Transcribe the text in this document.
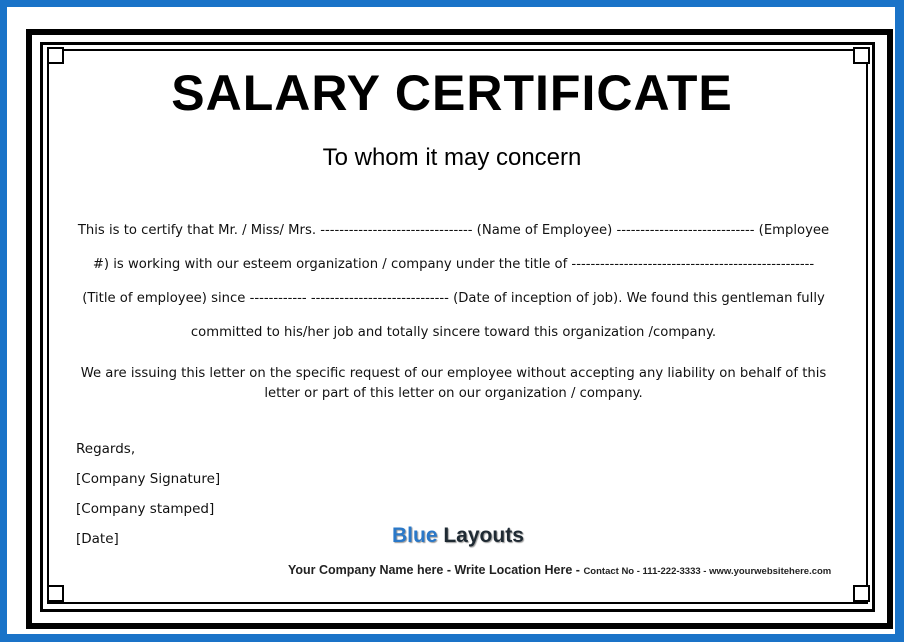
SALARY CERTIFICATE
To whom it may concern
This is to certify that Mr. / Miss/ Mrs. -------------------------------- (Name of Employee) ----------------------------- (Employee #) is working with our esteem organization / company under the title of --------------------------------------------------- (Title of employee) since ------------ ----------------------------- (Date of inception of job). We found this gentleman fully committed to his/her job and totally sincere toward this organization /company.
We are issuing this letter on the specific request of our employee without accepting any liability on behalf of this letter or part of this letter on our organization / company.
Regards,
[Company Signature]
[Company stamped]
[Date]	Blue Layouts
Your Company Name here - Write Location Here - Contact No - 111-222-3333 - www.yourwebsitehere.com
